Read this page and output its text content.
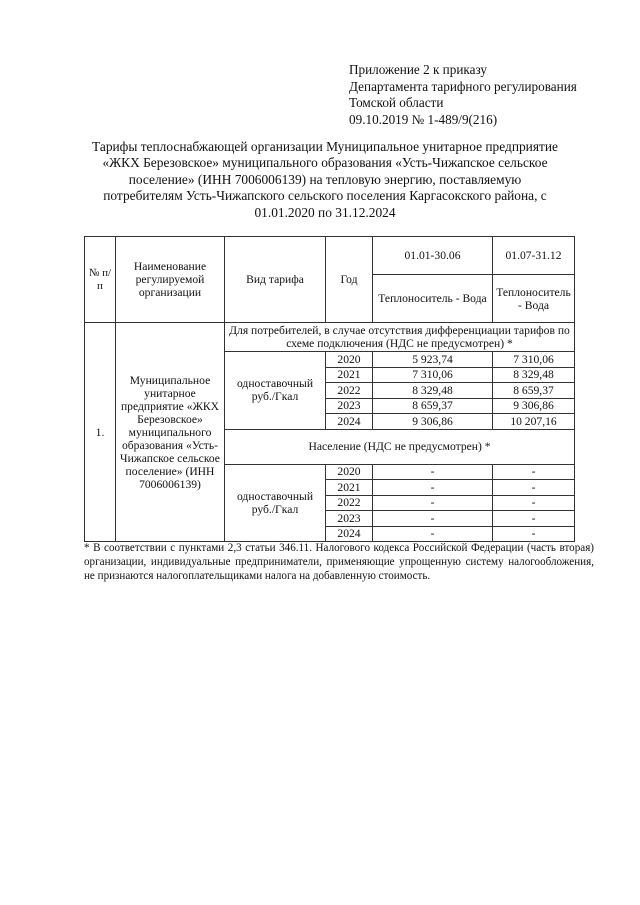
Приложение 2 к приказу
Департамента тарифного регулирования
Томской области
09.10.2019 № 1-489/9(216)
Тарифы теплоснабжающей организации Муниципальное унитарное предприятие «ЖКХ Березовское» муниципального образования «Усть-Чижапское сельское поселение» (ИНН 7006006139) на тепловую энергию, поставляемую потребителям Усть-Чижапского сельского поселения Каргасокского района, с 01.01.2020 по 31.12.2024
№ п/п	Наименование регулируемой организации	Вид тарифа	Год	01.01-30.06	01.07-31.12
				Теплоноситель - Вода	Теплоноситель - Вода
1.	Муниципальное унитарное предприятие «ЖКХ Березовское» муниципального образования «Усть-Чижапское сельское поселение» (ИНН 7006006139)	Для потребителей, в случае отсутствия дифференциации тарифов по схеме подключения (НДС не предусмотрен) *			
		одноставочный руб./Гкал	2020	5 923,74	7 310,06
			2021	7 310,06	8 329,48
			2022	8 329,48	8 659,37
			2023	8 659,37	9 306,86
			2024	9 306,86	10 207,16
		Население (НДС не предусмотрен) *			
		одноставочный руб./Гкал	2020	-	-
			2021	-	-
			2022	-	-
			2023	-	-
			2024	-	-
* В соответствии с пунктами 2,3 статьи 346.11. Налогового кодекса Российской Федерации (часть вторая) организации, индивидуальные предприниматели, применяющие упрощенную систему налогообложения, не признаются налогоплательщиками налога на добавленную стоимость.
